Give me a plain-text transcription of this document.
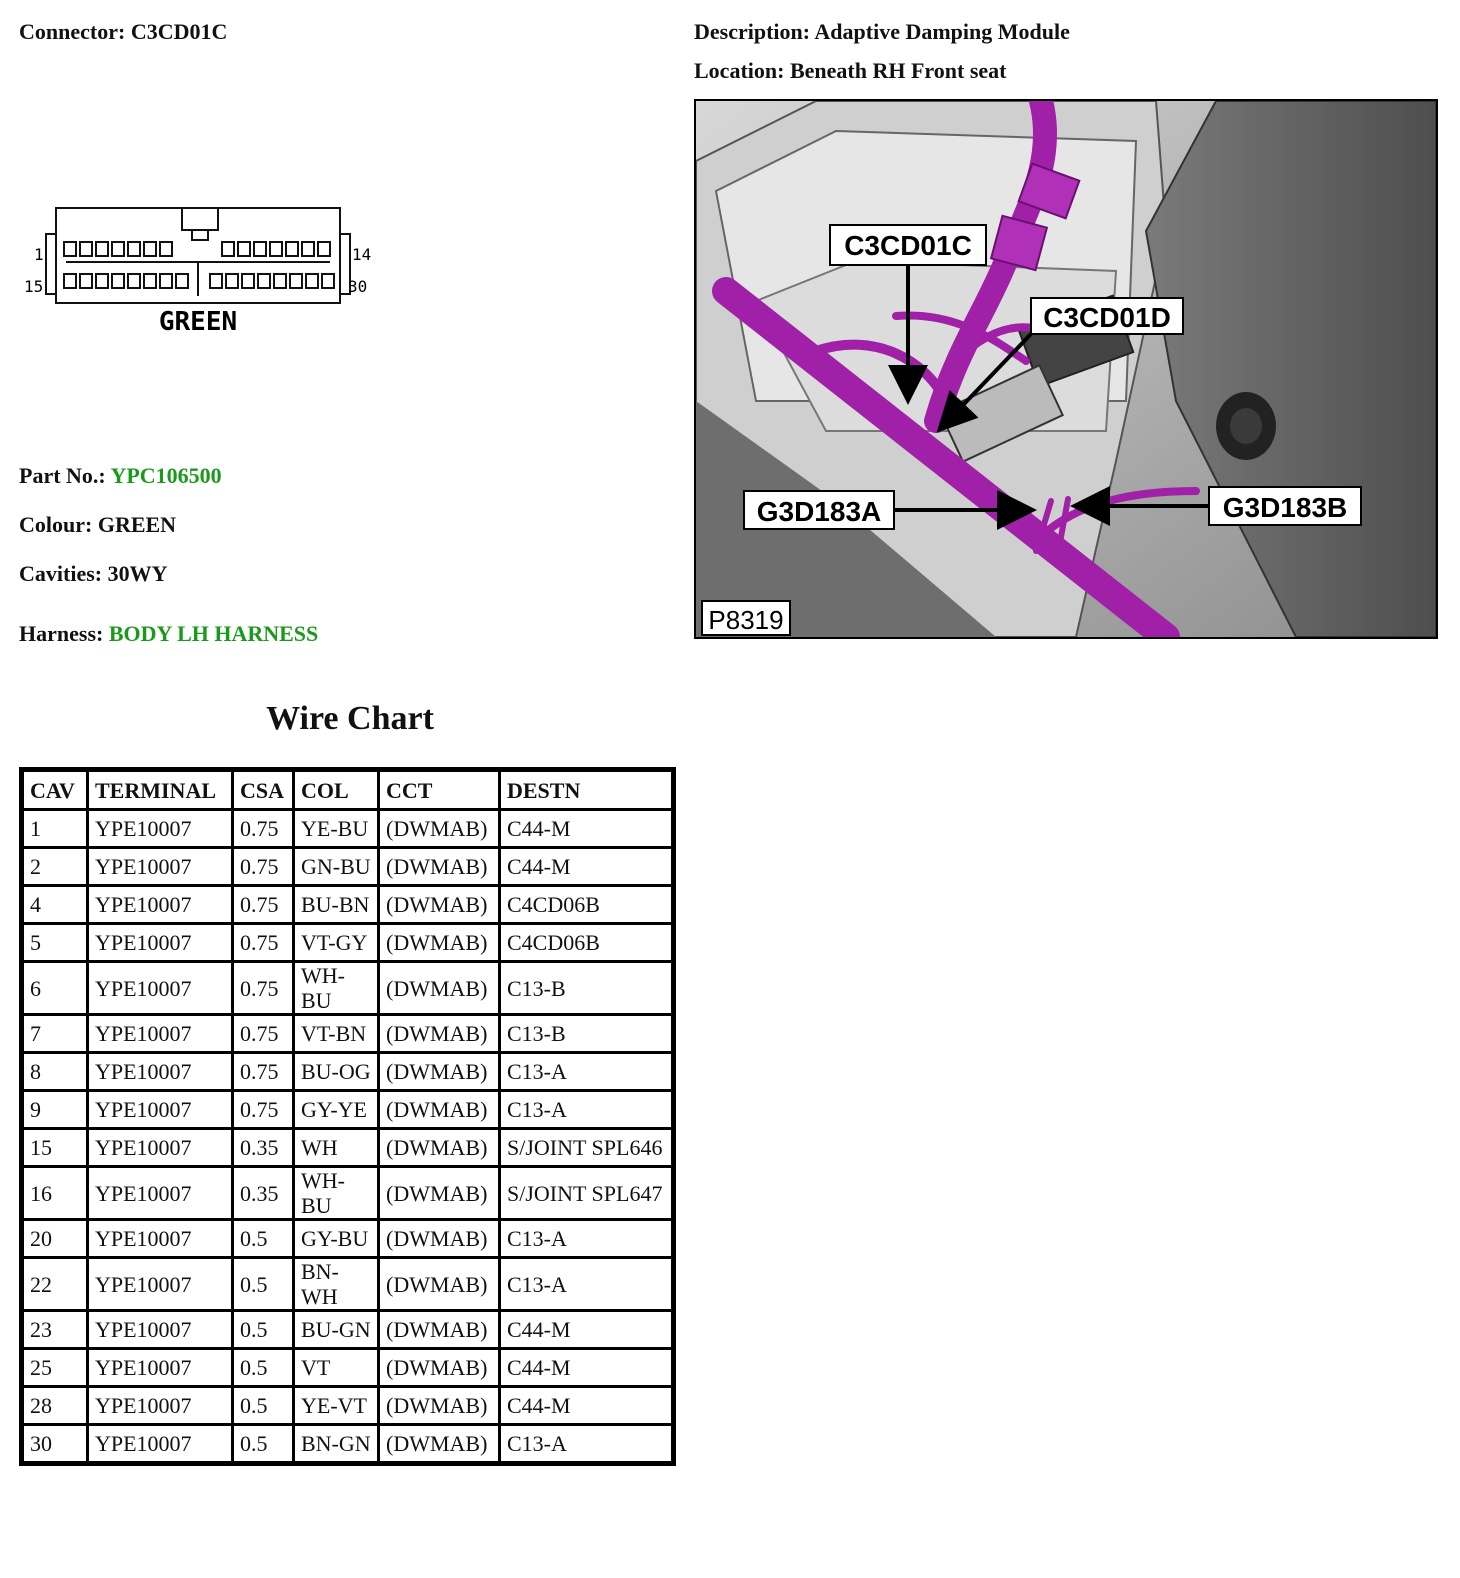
Connector: C3CD01C	Description: Adaptive Damping Module
Location: Beneath RH Front seat
1	14
15	30
GREEN
Part No.: YPC106500
Colour: GREEN
Cavities: 30WY
Harness: BODY LH HARNESS
C3CD01C
C3CD01D
G3D183A	G3D183B
P8319
Wire Chart
CAV	TERMINAL	CSA	COL	CCT	DESTN
1	YPE10007	0.75	YE-BU	(DWMAB)	C44-M
2	YPE10007	0.75	GN-BU	(DWMAB)	C44-M
4	YPE10007	0.75	BU-BN	(DWMAB)	C4CD06B
5	YPE10007	0.75	VT-GY	(DWMAB)	C4CD06B
6	YPE10007	0.75	WH-BU	(DWMAB)	C13-B
7	YPE10007	0.75	VT-BN	(DWMAB)	C13-B
8	YPE10007	0.75	BU-OG	(DWMAB)	C13-A
9	YPE10007	0.75	GY-YE	(DWMAB)	C13-A
15	YPE10007	0.35	WH	(DWMAB)	S/JOINT SPL646
16	YPE10007	0.35	WH-BU	(DWMAB)	S/JOINT SPL647
20	YPE10007	0.5	GY-BU	(DWMAB)	C13-A
22	YPE10007	0.5	BN-WH	(DWMAB)	C13-A
23	YPE10007	0.5	BU-GN	(DWMAB)	C44-M
25	YPE10007	0.5	VT	(DWMAB)	C44-M
28	YPE10007	0.5	YE-VT	(DWMAB)	C44-M
30	YPE10007	0.5	BN-GN	(DWMAB)	C13-A
